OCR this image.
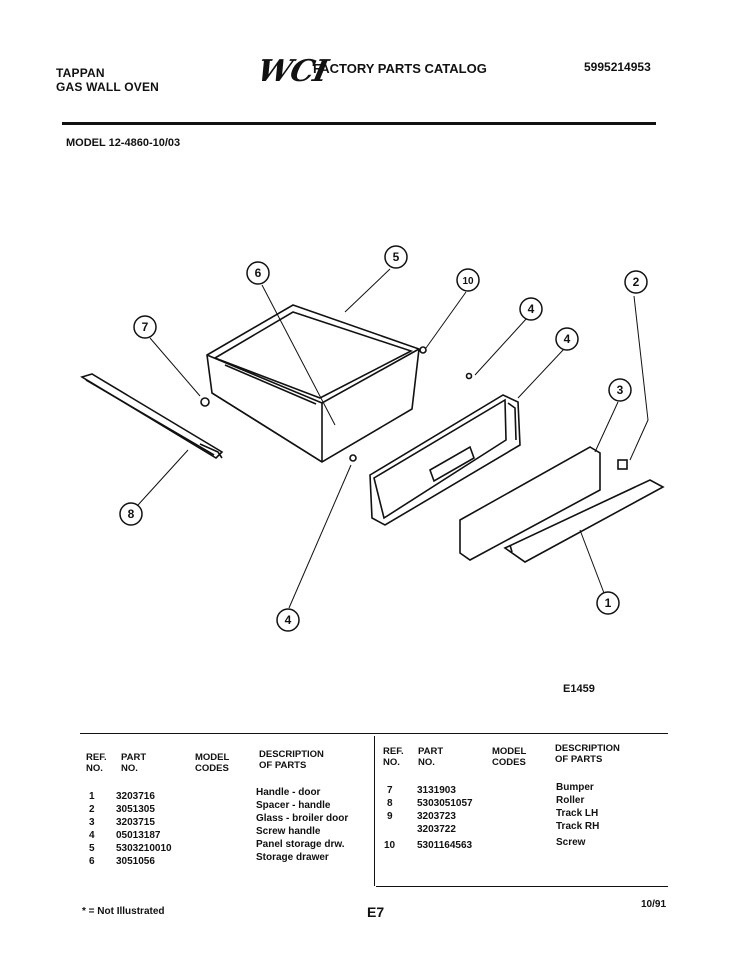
TAPPAN
GAS WALL OVEN	WCI
FACTORY PARTS CATALOG	5995214953
MODEL 12-4860-10/03
6
5
10
4
4
2
3
7
8
4
1
E1459
REF.
NO.
PART
NO.
MODEL
CODES
DESCRIPTION
OF PARTS
REF.
NO.
PART
NO.
MODEL
CODES
DESCRIPTION
OF PARTS
1 3203716	Handle - door
2 3051305	Spacer - handle
3 3203715	Glass - broiler door
4 05013187	Screw handle
5 5303210010	Panel storage drw.
6 3051056	Storage drawer
7 3131903	Bumper
8 5303051057	Roller
9 3203723	Track LH
3203722	Track RH
10 5301164563	Screw
* = Not Illustrated	E7	10/91
